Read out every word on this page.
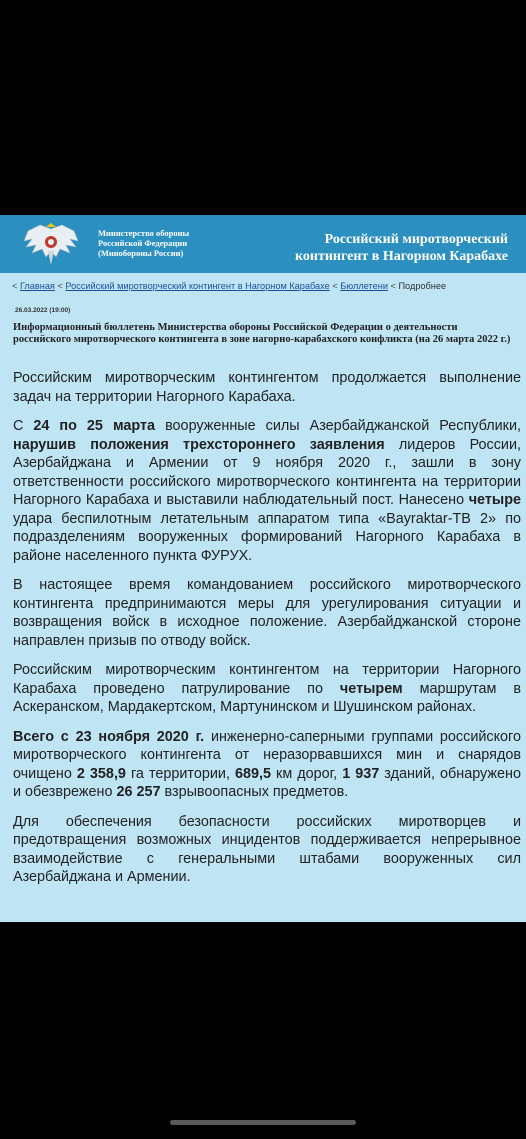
Министерство обороны
Российской Федерации
(Минобороны России)
Российский миротворческий
контингент в Нагорном Карабахе
< Главная < Российский миротворческий контингент в Нагорном Карабахе < Бюллетени < Подробнее
26.03.2022 (19:00)
Информационный бюллетень Министерства обороны Российской Федерации о деятельности российского миротворческого контингента в зоне нагорно-карабахского конфликта (на 26 марта 2022 г.)

Российским миротворческим контингентом продолжается выполнение задач на территории Нагорного Карабаха.

С 24 по 25 марта вооруженные силы Азербайджанской Республики, нарушив положения трехстороннего заявления лидеров России, Азербайджана и Армении от 9 ноября 2020 г., зашли в зону ответственности российского миротворческого контингента на территории Нагорного Карабаха и выставили наблюдательный пост. Нанесено четыре удара беспилотным летательным аппаратом типа «Bayraktar-ТВ 2» по подразделениям вооруженных формирований Нагорного Карабаха в районе населенного пункта ФУРУХ.

В настоящее время командованием российского миротворческого контингента предпринимаются меры для урегулирования ситуации и возвращения войск в исходное положение. Азербайджанской стороне направлен призыв по отводу войск.

Российским миротворческим контингентом на территории Нагорного Карабаха проведено патрулирование по четырем маршрутам в Аскеранском, Мардакертском, Мартунинском и Шушинском районах.

Всего с 23 ноября 2020 г. инженерно-саперными группами российского миротворческого контингента от неразорвавшихся мин и снарядов очищено 2 358,9 га территории, 689,5 км дорог, 1 937 зданий, обнаружено и обезврежено 26 257 взрывоопасных предметов.

Для обеспечения безопасности российских миротворцев и предотвращения возможных инцидентов поддерживается непрерывное взаимодействие с генеральными штабами вооруженных сил Азербайджана и Армении.
